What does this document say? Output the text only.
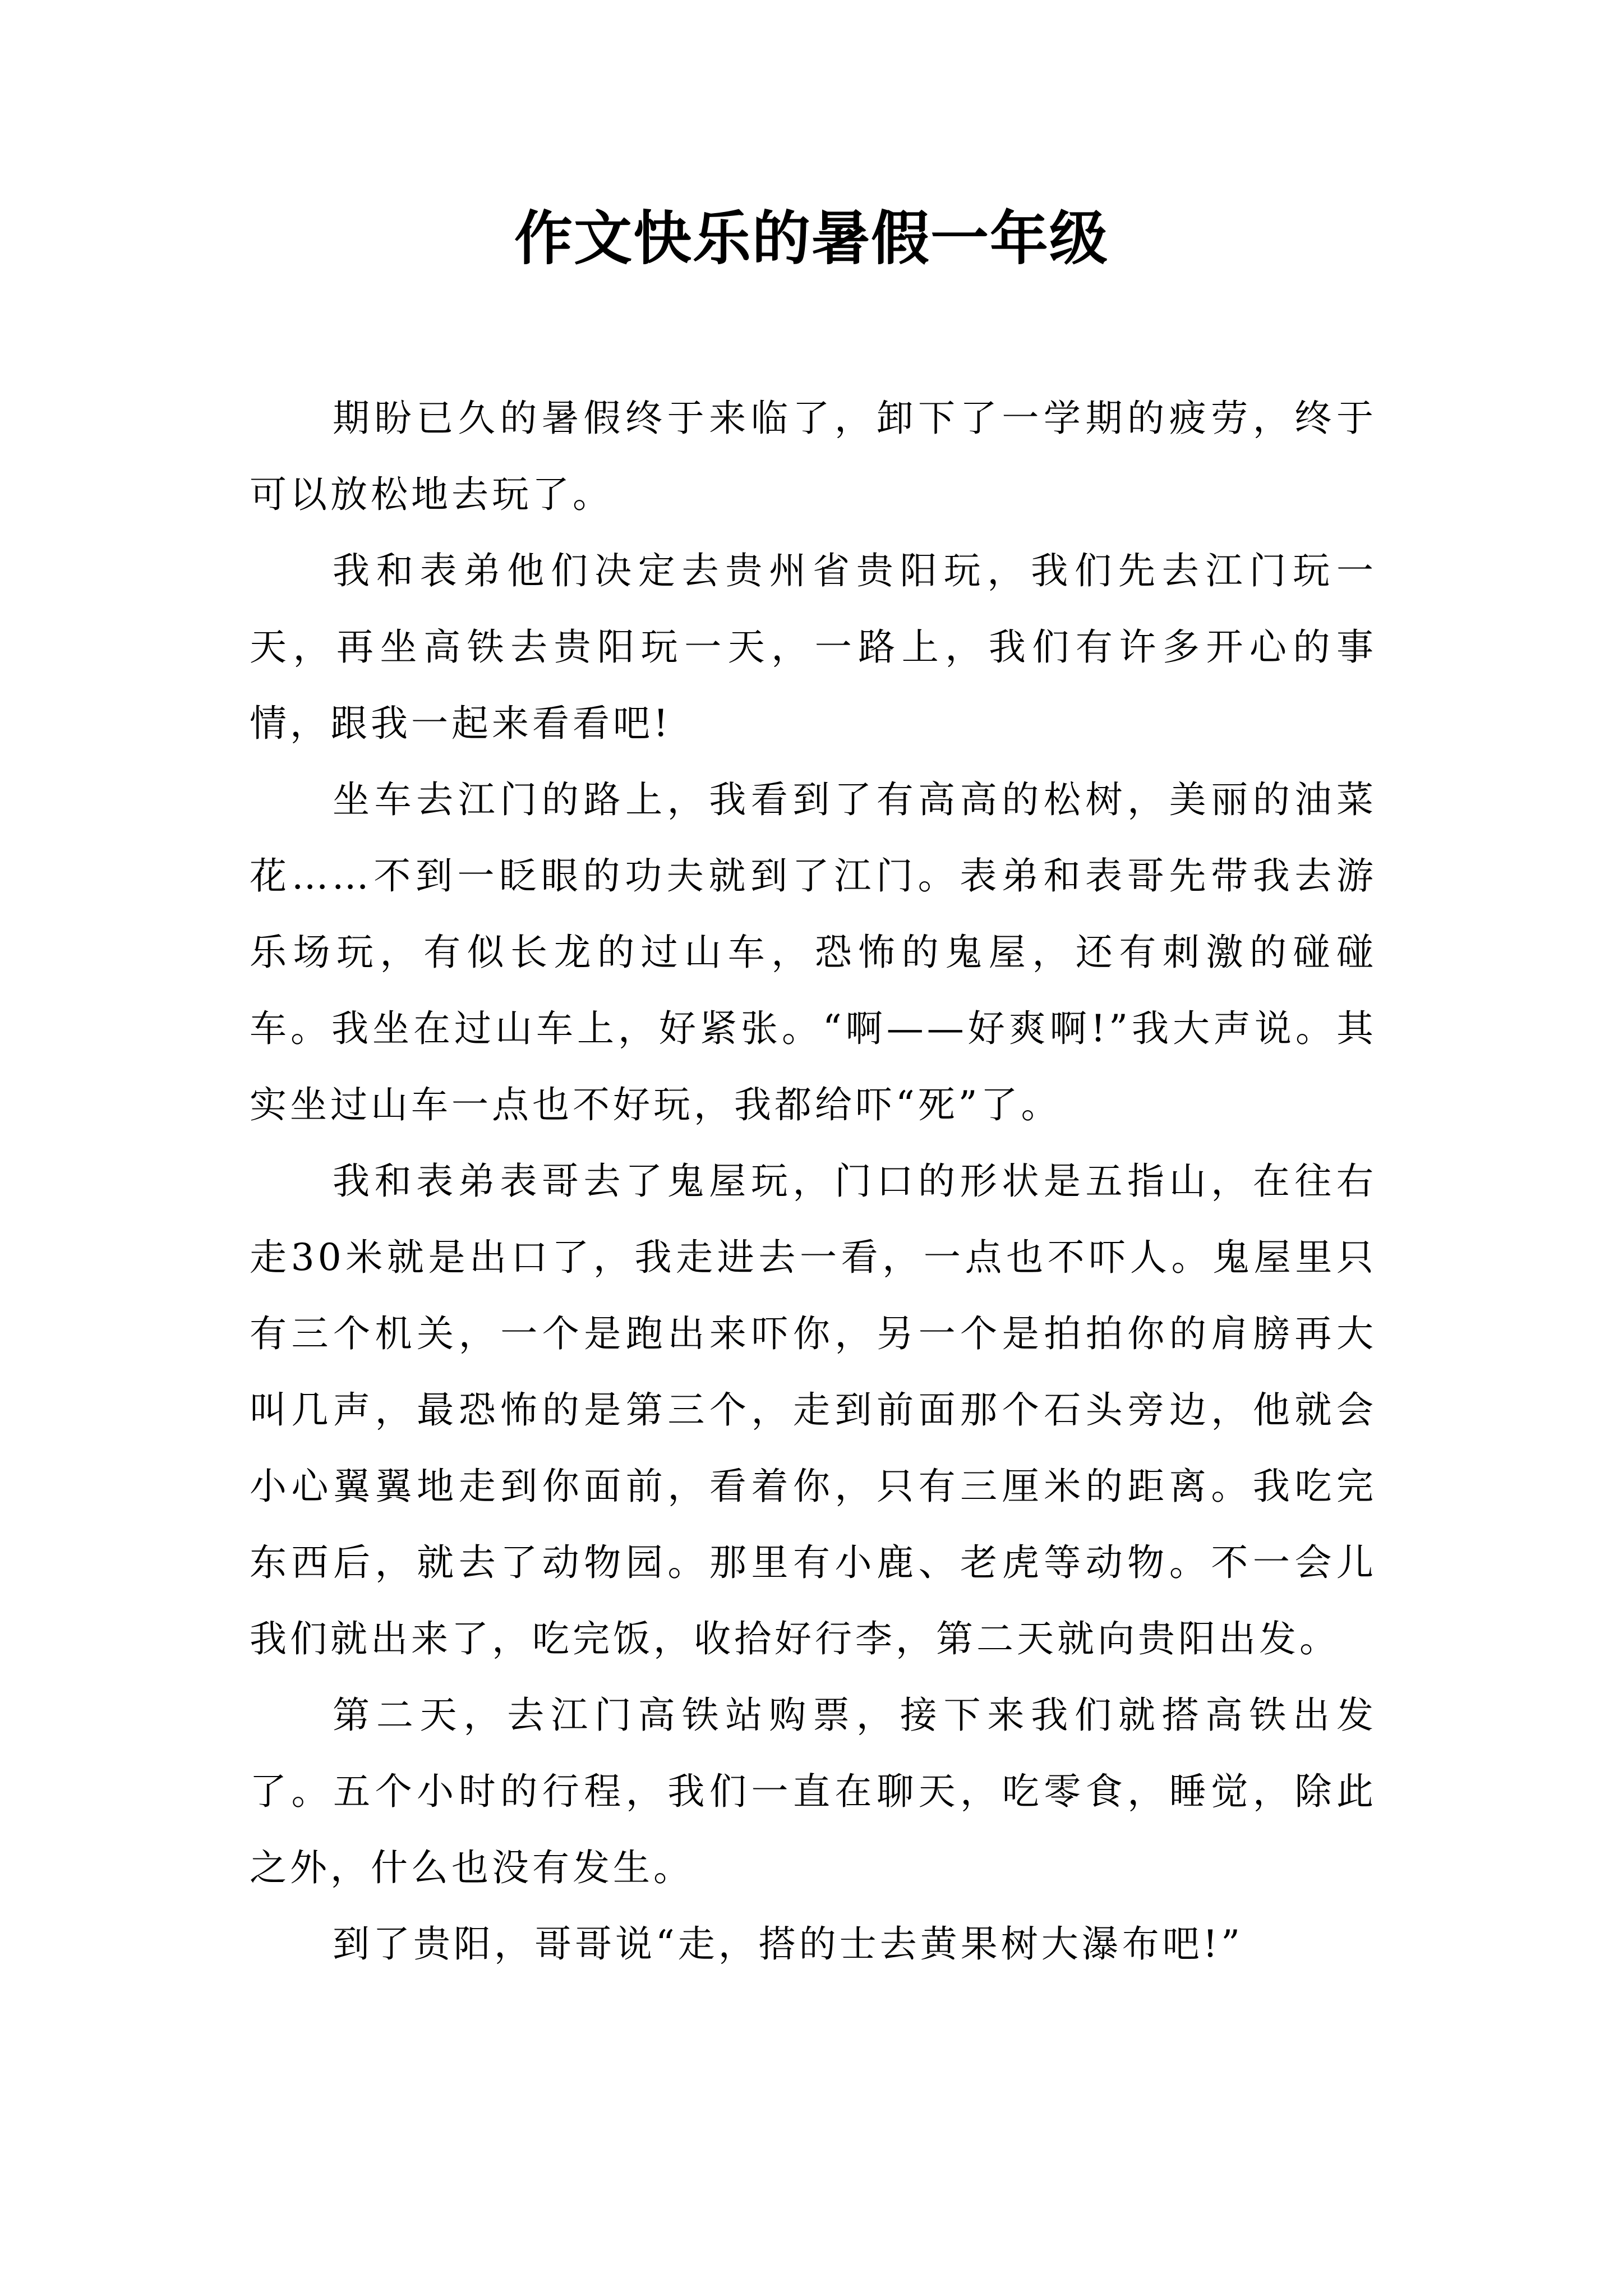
作文快乐的暑假一年级

期盼已久的暑假终于来临了，卸下了一学期的疲劳，终于可以放松地去玩了。

我和表弟他们决定去贵州省贵阳玩，我们先去江门玩一天，再坐高铁去贵阳玩一天，一路上，我们有许多开心的事情，跟我一起来看看吧!

坐车去江门的路上，我看到了有高高的松树，美丽的油菜花……不到一眨眼的功夫就到了江门。表弟和表哥先带我去游乐场玩，有似长龙的过山车，恐怖的鬼屋，还有刺激的碰碰车。我坐在过山车上，好紧张。“啊——好爽啊!”我大声说。其实坐过山车一点也不好玩，我都给吓“死”了。

我和表弟表哥去了鬼屋玩，门口的形状是五指山，在往右走30米就是出口了，我走进去一看，一点也不吓人。鬼屋里只有三个机关，一个是跑出来吓你，另一个是拍拍你的肩膀再大叫几声，最恐怖的是第三个，走到前面那个石头旁边，他就会小心翼翼地走到你面前，看着你，只有三厘米的距离。我吃完东西后，就去了动物园。那里有小鹿、老虎等动物。不一会儿我们就出来了，吃完饭，收拾好行李，第二天就向贵阳出发。

第二天，去江门高铁站购票，接下来我们就搭高铁出发了。五个小时的行程，我们一直在聊天，吃零食，睡觉，除此之外，什么也没有发生。

到了贵阳，哥哥说“走，搭的士去黄果树大瀑布吧!”
